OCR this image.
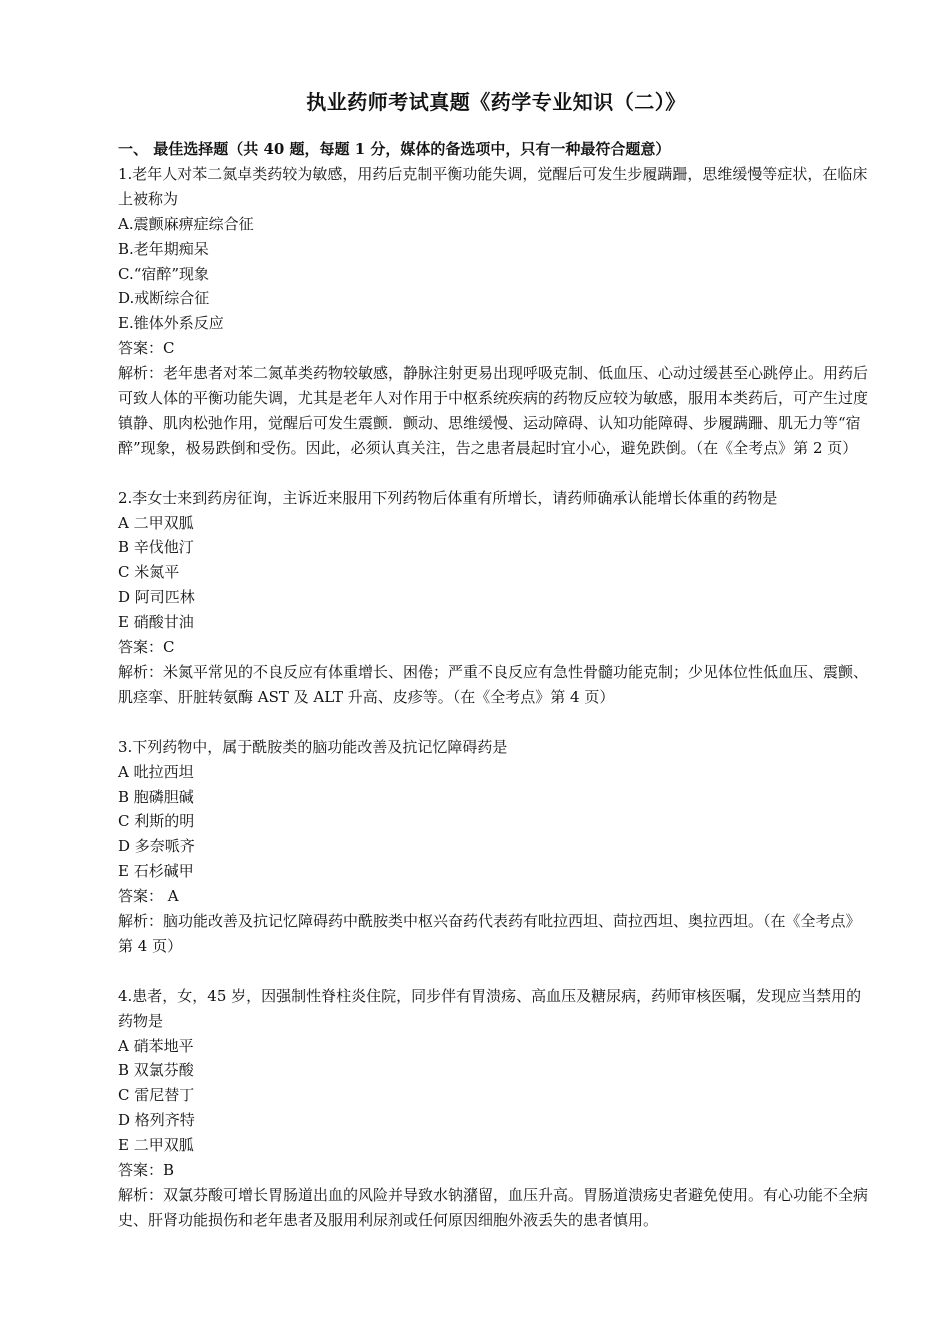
执业药师考试真题《药学专业知识（二）》

一、 最佳选择题（共 40 题，每题 1 分，媒体的备选项中，只有一种最符合题意）

1.老年人对苯二氮卓类药较为敏感，用药后克制平衡功能失调，觉醒后可发生步履蹒跚，思维缓慢等症状，在临床上被称为

A.震颤麻痹症综合征

B.老年期痴呆

C.“宿醉”现象

D.戒断综合征

E.锥体外系反应

答案：C

解析：老年患者对苯二氮革类药物较敏感，静脉注射更易出现呼吸克制、低血压、心动过缓甚至心跳停止。用药后可致人体的平衡功能失调，尤其是老年人对作用于中枢系统疾病的药物反应较为敏感，服用本类药后，可产生过度镇静、肌肉松弛作用，觉醒后可发生震颤．颤动、思维缓慢、运动障碍、认知功能障碍、步履蹒跚、肌无力等“宿醉”现象，极易跌倒和受伤。因此，必须认真关注，告之患者晨起时宜小心，避免跌倒。（在《全考点》第 2 页）

2.李女士来到药房征询，主诉近来服用下列药物后体重有所增长，请药师确承认能增长体重的药物是

A 二甲双胍

B 辛伐他汀

C 米氮平

D 阿司匹林

E 硝酸甘油

答案：C

解析：米氮平常见的不良反应有体重增长、困倦；严重不良反应有急性骨髓功能克制；少见体位性低血压、震颤、肌痉挛、肝脏转氨酶 AST 及 ALT 升高、皮疹等。（在《全考点》第 4 页）

3.下列药物中，属于酰胺类的脑功能改善及抗记忆障碍药是

A 吡拉西坦

B 胞磷胆碱

C 利斯的明

D 多奈哌齐

E 石杉碱甲

答案： A

解析：脑功能改善及抗记忆障碍药中酰胺类中枢兴奋药代表药有吡拉西坦、茴拉西坦、奥拉西坦。（在《全考点》第 4 页）

4.患者，女，45 岁，因强制性脊柱炎住院，同步伴有胃溃疡、高血压及糖尿病，药师审核医嘱，发现应当禁用的药物是

A 硝苯地平

B 双氯芬酸

C 雷尼替丁

D 格列齐特

E 二甲双胍

答案：B

解析：双氯芬酸可增长胃肠道出血的风险并导致水钠潴留，血压升高。胃肠道溃疡史者避免使用。有心功能不全病史、肝肾功能损伤和老年患者及服用利尿剂或任何原因细胞外液丢失的患者慎用。
